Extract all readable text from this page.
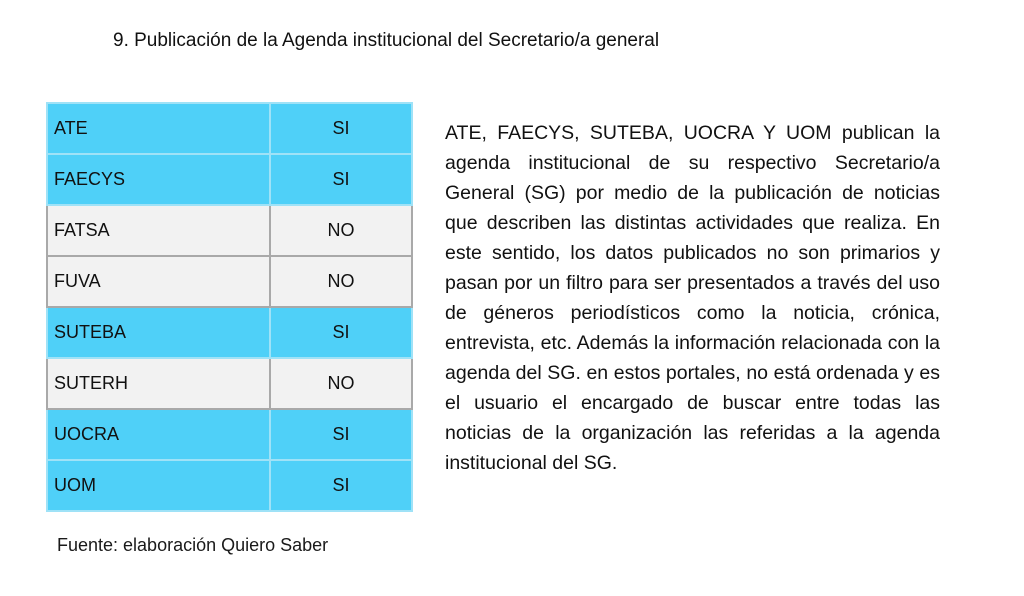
9. Publicación de la Agenda institucional del Secretario/a general
ATE	SI
FAECYS	SI
FATSA	NO
FUVA	NO
SUTEBA	SI
SUTERH	NO
UOCRA	SI
UOM	SI
Fuente: elaboración Quiero Saber

ATE, FAECYS, SUTEBA, UOCRA Y UOM publican la agenda institucional de su respectivo Secretario/a General (SG) por medio de la publicación de noticias que describen las distintas actividades que realiza. En este sentido, los datos publicados no son primarios y pasan por un filtro para ser presentados a través del uso de géneros periodísticos como la noticia, crónica, entrevista, etc. Además la información relacionada con la agenda del SG. en estos portales, no está ordenada y es el usuario el encargado de buscar entre todas las noticias de la organización las referidas a la agenda institucional del SG.
